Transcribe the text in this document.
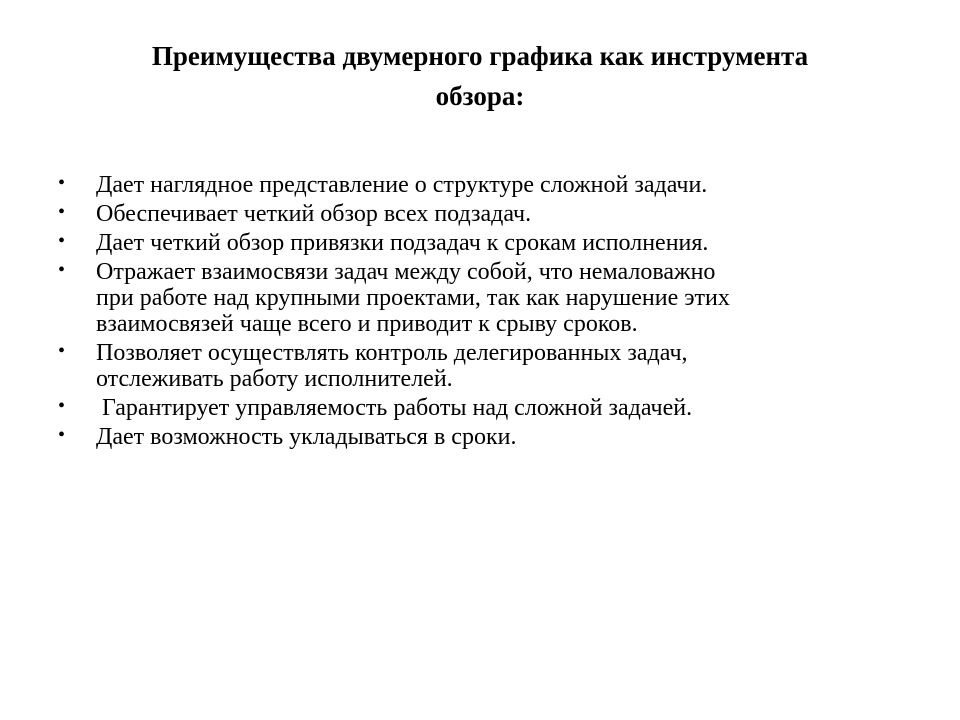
Преимущества двумерного графика как инструмента
обзора:
• Дает наглядное представление о структуре сложной задачи.
• Обеспечивает четкий обзор всех подзадач.
• Дает четкий обзор привязки подзадач к срокам исполнения.
• Отражает взаимосвязи задач между собой, что немаловажно
при работе над крупными проектами, так как нарушение этих
взаимосвязей чаще всего и приводит к срыву сроков.
• Позволяет осуществлять контроль делегированных задач,
отслеживать работу исполнителей.
• Гарантирует управляемость работы над сложной задачей.
• Дает возможность укладываться в сроки.
